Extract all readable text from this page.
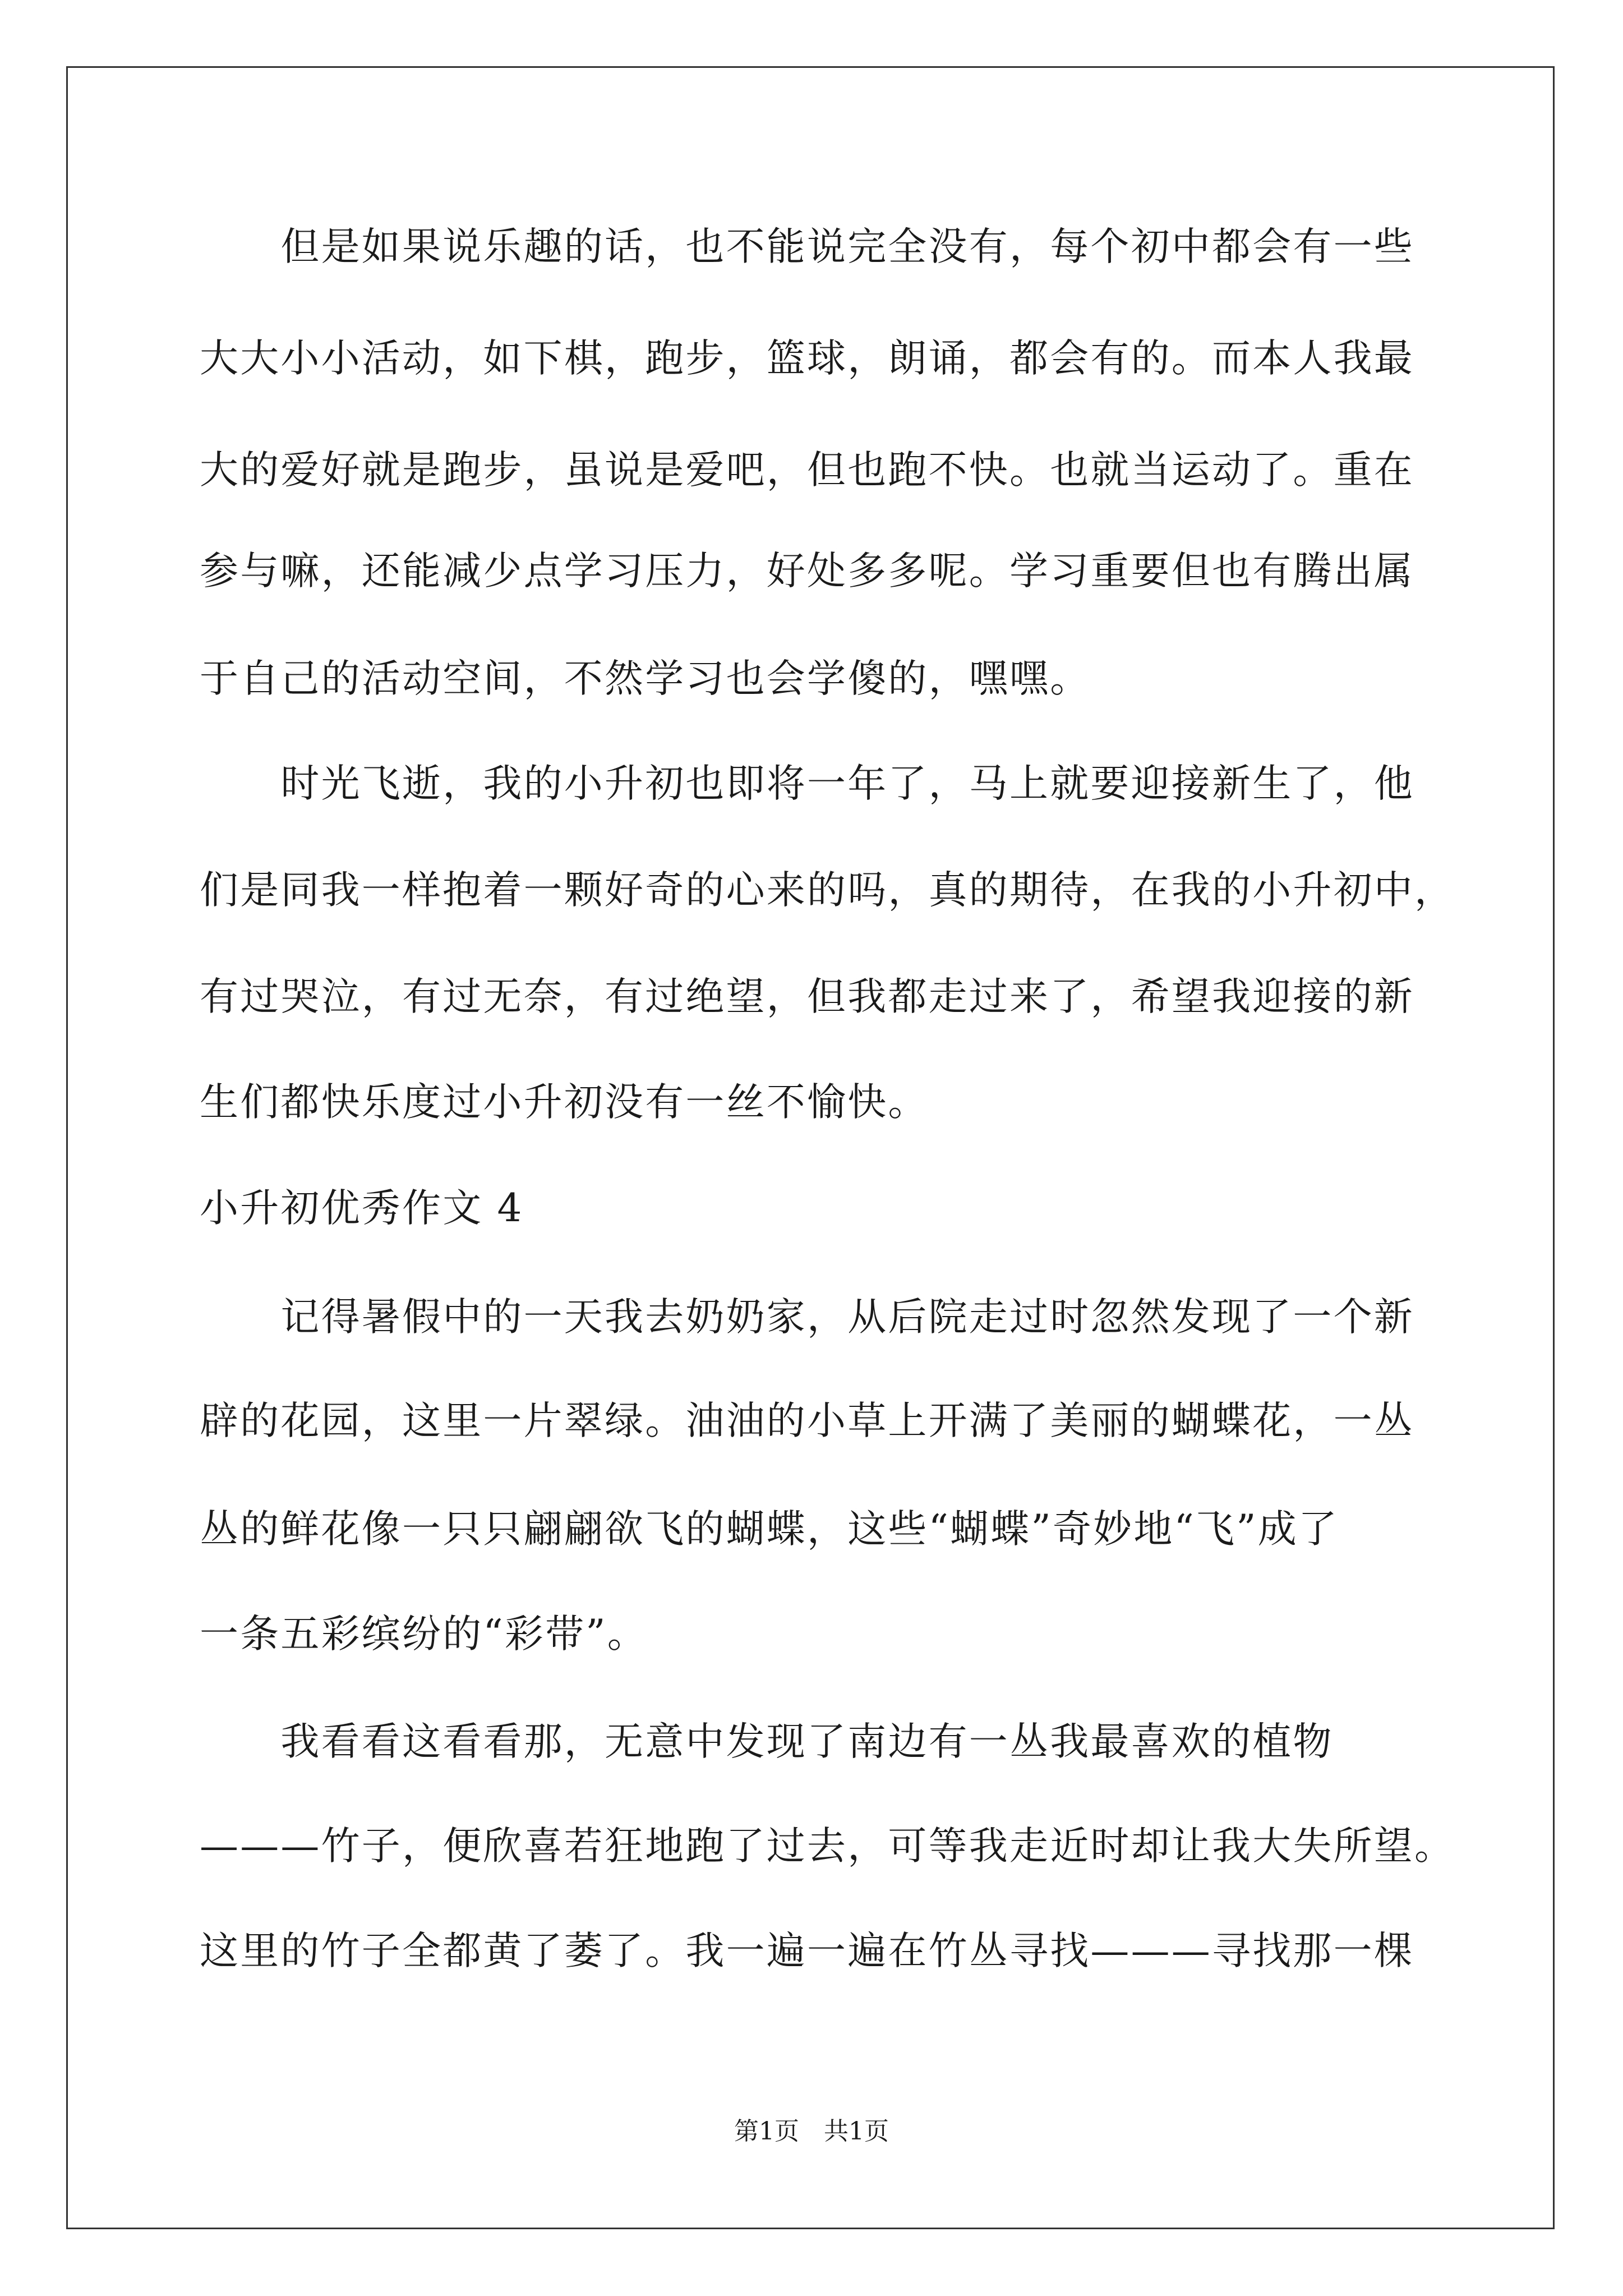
　　但是如果说乐趣的话，也不能说完全没有，每个初中都会有一些
大大小小活动，如下棋，跑步，篮球，朗诵，都会有的。而本人我最
大的爱好就是跑步，虽说是爱吧，但也跑不快。也就当运动了。重在
参与嘛，还能减少点学习压力，好处多多呢。学习重要但也有腾出属
于自己的活动空间，不然学习也会学傻的，嘿嘿。
　　时光飞逝，我的小升初也即将一年了，马上就要迎接新生了，他
们是同我一样抱着一颗好奇的心来的吗，真的期待，在我的小升初中，
有过哭泣，有过无奈，有过绝望，但我都走过来了，希望我迎接的新
生们都快乐度过小升初没有一丝不愉快。
小升初优秀作文 4
　　记得暑假中的一天我去奶奶家，从后院走过时忽然发现了一个新
辟的花园，这里一片翠绿。油油的小草上开满了美丽的蝴蝶花，一丛
丛的鲜花像一只只翩翩欲飞的蝴蝶，这些“蝴蝶”奇妙地“飞”成了
一条五彩缤纷的“彩带”。
　　我看看这看看那，无意中发现了南边有一丛我最喜欢的植物
———竹子，便欣喜若狂地跑了过去，可等我走近时却让我大失所望。
这里的竹子全都黄了萎了。我一遍一遍在竹丛寻找———寻找那一棵
第1页　共1页
